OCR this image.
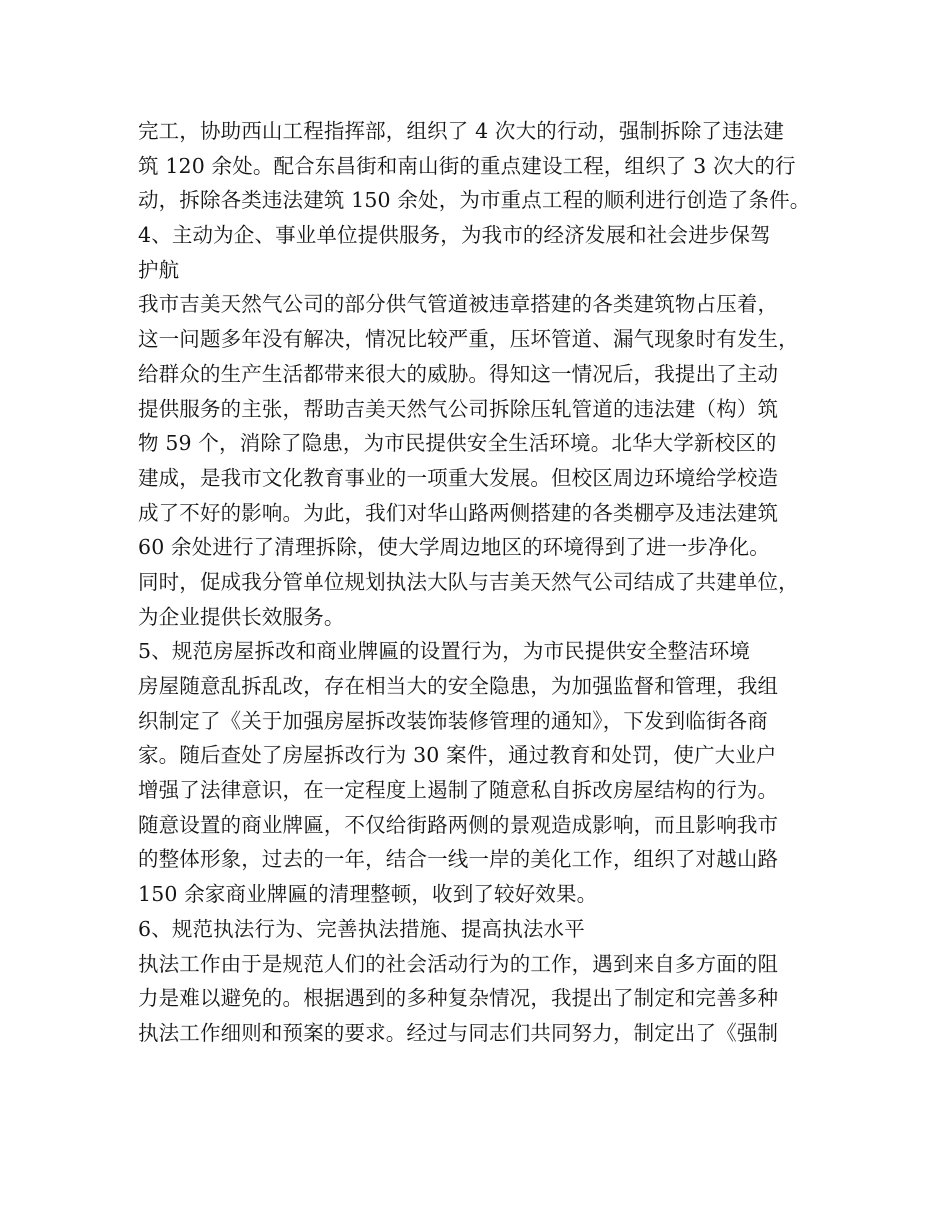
完工，协助西山工程指挥部，组织了 4 次大的行动，强制拆除了违法建
筑 120 余处。配合东昌街和南山街的重点建设工程，组织了 3 次大的行
动，拆除各类违法建筑 150 余处，为市重点工程的顺利进行创造了条件。
4、主动为企、事业单位提供服务，为我市的经济发展和社会进步保驾
护航
我市吉美天然气公司的部分供气管道被违章搭建的各类建筑物占压着，
这一问题多年没有解决，情况比较严重，压坏管道、漏气现象时有发生，
给群众的生产生活都带来很大的威胁。得知这一情况后，我提出了主动
提供服务的主张，帮助吉美天然气公司拆除压轧管道的违法建（构）筑
物 59 个，消除了隐患，为市民提供安全生活环境。北华大学新校区的
建成，是我市文化教育事业的一项重大发展。但校区周边环境给学校造
成了不好的影响。为此，我们对华山路两侧搭建的各类棚亭及违法建筑
60 余处进行了清理拆除，使大学周边地区的环境得到了进一步净化。
同时，促成我分管单位规划执法大队与吉美天然气公司结成了共建单位，
为企业提供长效服务。
5、规范房屋拆改和商业牌匾的设置行为，为市民提供安全整洁环境
房屋随意乱拆乱改，存在相当大的安全隐患，为加强监督和管理，我组
织制定了《关于加强房屋拆改装饰装修管理的通知》，下发到临街各商
家。随后查处了房屋拆改行为 30 案件，通过教育和处罚，使广大业户
增强了法律意识，在一定程度上遏制了随意私自拆改房屋结构的行为。
随意设置的商业牌匾，不仅给街路两侧的景观造成影响，而且影响我市
的整体形象，过去的一年，结合一线一岸的美化工作，组织了对越山路
150 余家商业牌匾的清理整顿，收到了较好效果。
6、规范执法行为、完善执法措施、提高执法水平
执法工作由于是规范人们的社会活动行为的工作，遇到来自多方面的阻
力是难以避免的。根据遇到的多种复杂情况，我提出了制定和完善多种
执法工作细则和预案的要求。经过与同志们共同努力，制定出了《强制
